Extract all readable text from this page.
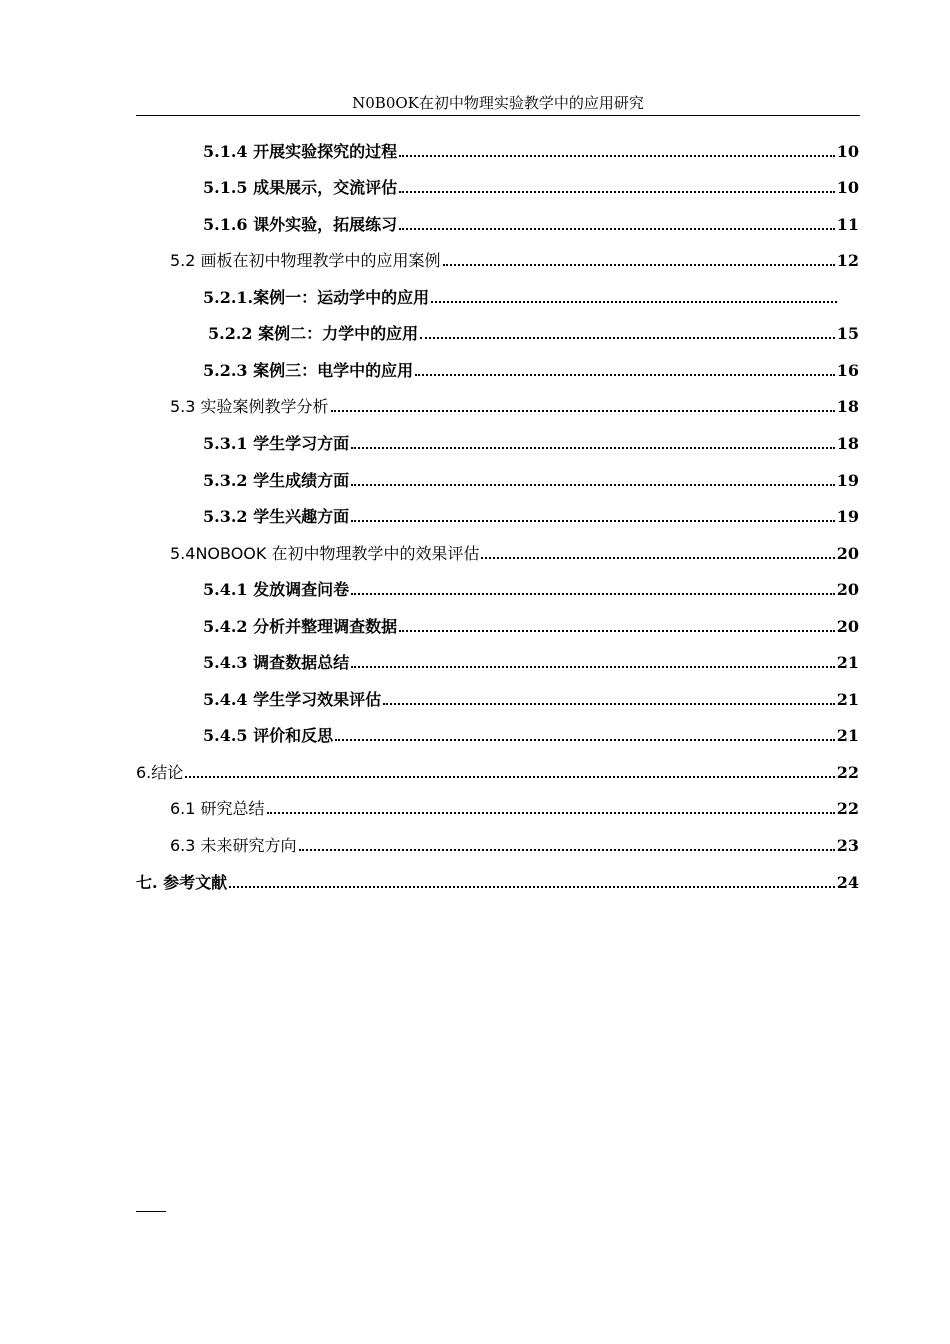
N0B0OK在初中物理实验教学中的应用研究
5.1.4 开展实验探究的过程	10
5.1.5 成果展示，交流评估	10
5.1.6 课外实验，拓展练习	11
5.2 画板在初中物理教学中的应用案例	12
5.2.1.案例一：运动学中的应用
5.2.2 案例二：力学中的应用	15
5.2.3 案例三：电学中的应用	16
5.3 实验案例教学分析	18
5.3.1 学生学习方面	18
5.3.2 学生成绩方面	19
5.3.2 学生兴趣方面	19
5.4NOBOOK 在初中物理教学中的效果评估	20
5.4.1 发放调查问卷	20
5.4.2 分析并整理调查数据	20
5.4.3 调查数据总结	21
5.4.4 学生学习效果评估	21
5.4.5 评价和反思	21
6.结论	22
6.1 研究总结	22
6.3 未来研究方向	23
七. 参考文献	24
